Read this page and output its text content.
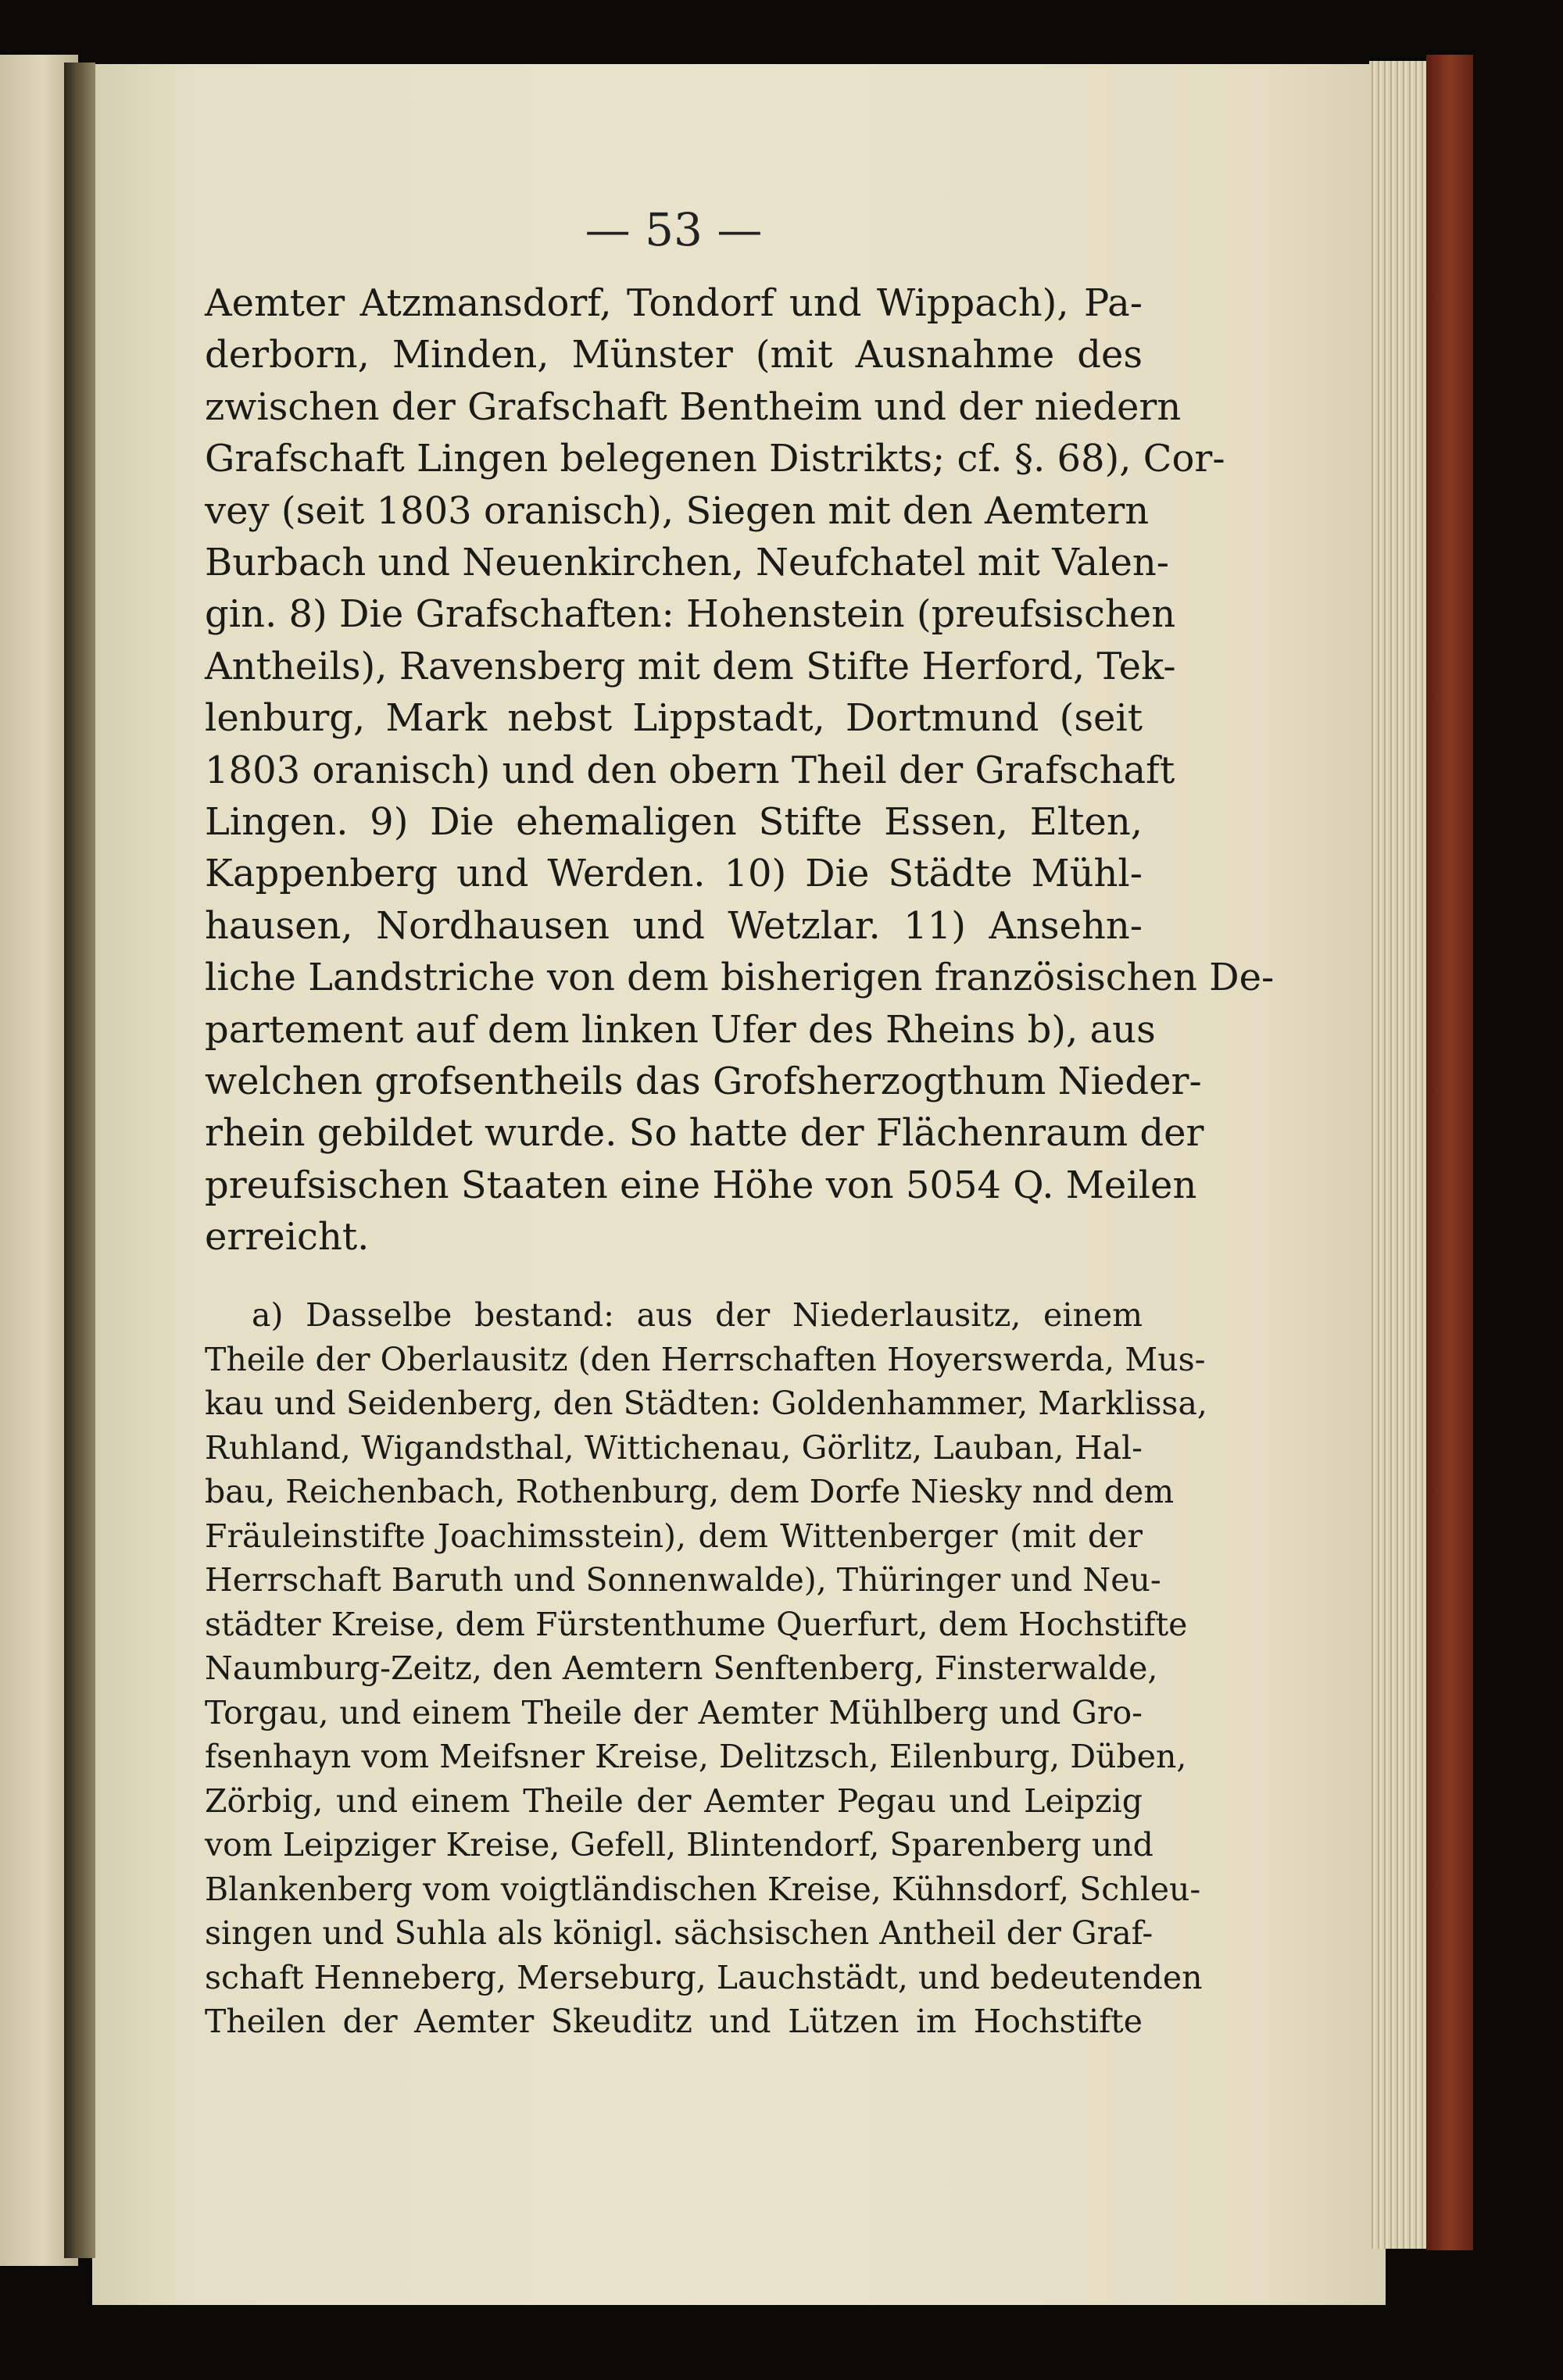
— 53 —
Aemter Atzmansdorf, Tondorf und Wippach), Pa-
derborn, Minden, Münster (mit Ausnahme des
zwischen der Grafschaft Bentheim und der niedern
Grafschaft Lingen belegenen Distrikts; cf. §. 68), Cor-
vey (seit 1803 oranisch), Siegen mit den Aemtern
Burbach und Neuenkirchen, Neufchatel mit Valen-
gin. 8) Die Grafschaften: Hohenstein (preufsischen
Antheils), Ravensberg mit dem Stifte Herford, Tek-
lenburg, Mark nebst Lippstadt, Dortmund (seit
1803 oranisch) und den obern Theil der Grafschaft
Lingen. 9) Die ehemaligen Stifte Essen, Elten,
Kappenberg und Werden. 10) Die Städte Mühl-
hausen, Nordhausen und Wetzlar. 11) Ansehn-
liche Landstriche von dem bisherigen französischen De-
partement auf dem linken Ufer des Rheins b), aus
welchen grofsentheils das Grofsherzogthum Nieder-
rhein gebildet wurde. So hatte der Flächenraum der
preufsischen Staaten eine Höhe von 5054 Q. Meilen
erreicht.
a) Dasselbe bestand: aus der Niederlausitz, einem
Theile der Oberlausitz (den Herrschaften Hoyerswerda, Mus-
kau und Seidenberg, den Städten: Goldenhammer, Marklissa,
Ruhland, Wigandsthal, Wittichenau, Görlitz, Lauban, Hal-
bau, Reichenbach, Rothenburg, dem Dorfe Niesky nnd dem
Fräuleinstifte Joachimsstein), dem Wittenberger (mit der
Herrschaft Baruth und Sonnenwalde), Thüringer und Neu-
städter Kreise, dem Fürstenthume Querfurt, dem Hochstifte
Naumburg-Zeitz, den Aemtern Senftenberg, Finsterwalde,
Torgau, und einem Theile der Aemter Mühlberg und Gro-
fsenhayn vom Meifsner Kreise, Delitzsch, Eilenburg, Düben,
Zörbig, und einem Theile der Aemter Pegau und Leipzig
vom Leipziger Kreise, Gefell, Blintendorf, Sparenberg und
Blankenberg vom voigtländischen Kreise, Kühnsdorf, Schleu-
singen und Suhla als königl. sächsischen Antheil der Graf-
schaft Henneberg, Merseburg, Lauchstädt, und bedeutenden
Theilen der Aemter Skeuditz und Lützen im Hochstifte
